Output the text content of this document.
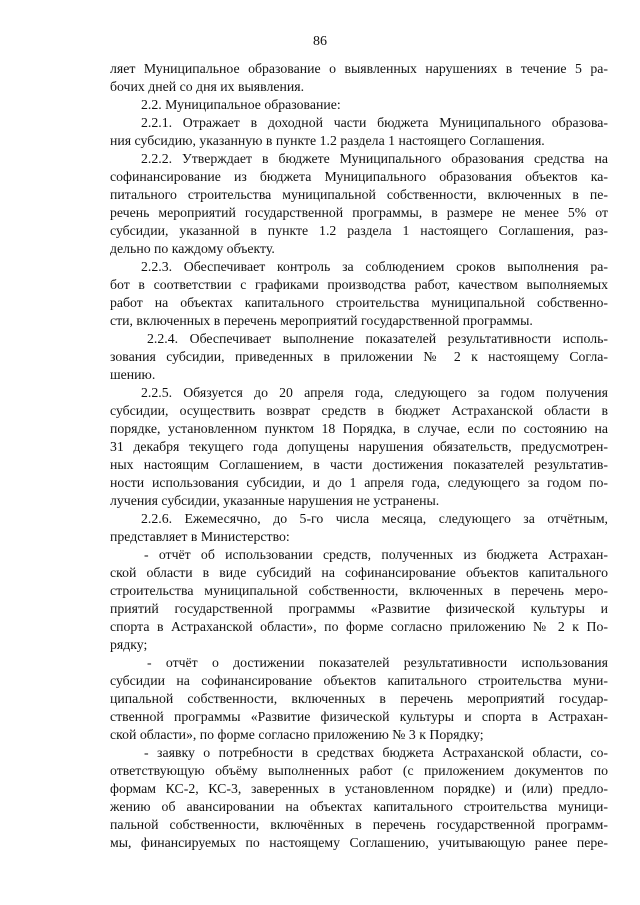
86
ляет Муниципальное образование о выявленных нарушениях в течение 5 ра-
бочих дней со дня их выявления.
2.2. Муниципальное образование:
2.2.1. Отражает в доходной части бюджета Муниципального образова-
ния субсидию, указанную в пункте 1.2 раздела 1 настоящего Соглашения.
2.2.2. Утверждает в бюджете Муниципального образования средства на
софинансирование из бюджета Муниципального образования объектов ка-
питального строительства муниципальной собственности, включенных в пе-
речень мероприятий государственной программы, в размере не менее 5% от
субсидии, указанной в пункте 1.2 раздела 1 настоящего Соглашения, раз-
дельно по каждому объекту.
2.2.3. Обеспечивает контроль за соблюдением сроков выполнения ра-
бот в соответствии с графиками производства работ, качеством выполняемых
работ на объектах капитального строительства муниципальной собственно-
сти, включенных в перечень мероприятий государственной программы.
2.2.4. Обеспечивает выполнение показателей результативности исполь-
зования субсидии, приведенных в приложении № 2 к настоящему Согла-
шению.
2.2.5. Обязуется до 20 апреля года, следующего за годом получения
субсидии, осуществить возврат средств в бюджет Астраханской области в
порядке, установленном пунктом 18 Порядка, в случае, если по состоянию на
31 декабря текущего года допущены нарушения обязательств, предусмотрен-
ных настоящим Соглашением, в части достижения показателей результатив-
ности использования субсидии, и до 1 апреля года, следующего за годом по-
лучения субсидии, указанные нарушения не устранены.
2.2.6. Ежемесячно, до 5-го числа месяца, следующего за отчётным,
представляет в Министерство:
- отчёт об использовании средств, полученных из бюджета Астрахан-
ской области в виде субсидий на софинансирование объектов капитального
строительства муниципальной собственности, включенных в перечень меро-
приятий государственной программы «Развитие физической культуры и
спорта в Астраханской области», по форме согласно приложению № 2 к По-
рядку;
- отчёт о достижении показателей результативности использования
субсидии на софинансирование объектов капитального строительства муни-
ципальной собственности, включенных в перечень мероприятий государ-
ственной программы «Развитие физической культуры и спорта в Астрахан-
ской области», по форме согласно приложению № 3 к Порядку;
- заявку о потребности в средствах бюджета Астраханской области, со-
ответствующую объёму выполненных работ (с приложением документов по
формам КС-2, КС-3, заверенных в установленном порядке) и (или) предло-
жению об авансировании на объектах капитального строительства муници-
пальной собственности, включённых в перечень государственной программ-
мы, финансируемых по настоящему Соглашению, учитывающую ранее пере-
